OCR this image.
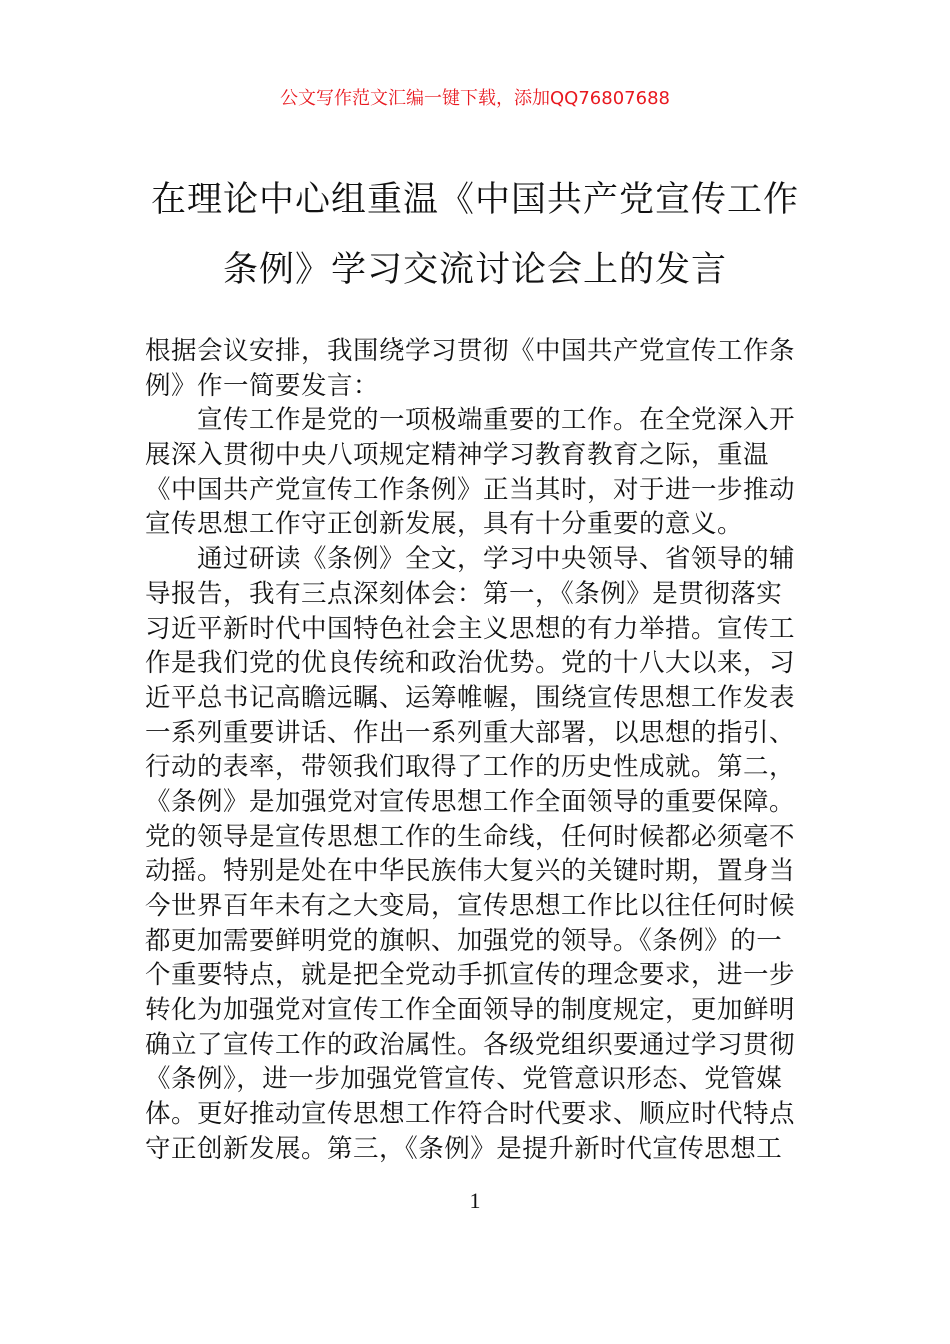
公文写作范文汇编一键下载，添加QQ76807688
在理论中心组重温《中国共产党宣传工作
条例》学习交流讨论会上的发言
根据会议安排，我围绕学习贯彻《中国共产党宣传工作条
例》作一简要发言：
宣传工作是党的一项极端重要的工作。在全党深入开
展深入贯彻中央八项规定精神学习教育教育之际，重温
《中国共产党宣传工作条例》正当其时，对于进一步推动
宣传思想工作守正创新发展，具有十分重要的意义。
通过研读《条例》全文，学习中央领导、省领导的辅
导报告，我有三点深刻体会：第一，《条例》是贯彻落实
习近平新时代中国特色社会主义思想的有力举措。宣传工
作是我们党的优良传统和政治优势。党的十八大以来，习
近平总书记高瞻远瞩、运筹帷幄，围绕宣传思想工作发表
一系列重要讲话、作出一系列重大部署，以思想的指引、
行动的表率，带领我们取得了工作的历史性成就。第二，
《条例》是加强党对宣传思想工作全面领导的重要保障。
党的领导是宣传思想工作的生命线，任何时候都必须毫不
动摇。特别是处在中华民族伟大复兴的关键时期，置身当
今世界百年未有之大变局，宣传思想工作比以往任何时候
都更加需要鲜明党的旗帜、加强党的领导。《条例》的一
个重要特点，就是把全党动手抓宣传的理念要求，进一步
转化为加强党对宣传工作全面领导的制度规定，更加鲜明
确立了宣传工作的政治属性。各级党组织要通过学习贯彻
《条例》，进一步加强党管宣传、党管意识形态、党管媒
体。更好推动宣传思想工作符合时代要求、顺应时代特点
守正创新发展。第三，《条例》是提升新时代宣传思想工
1
